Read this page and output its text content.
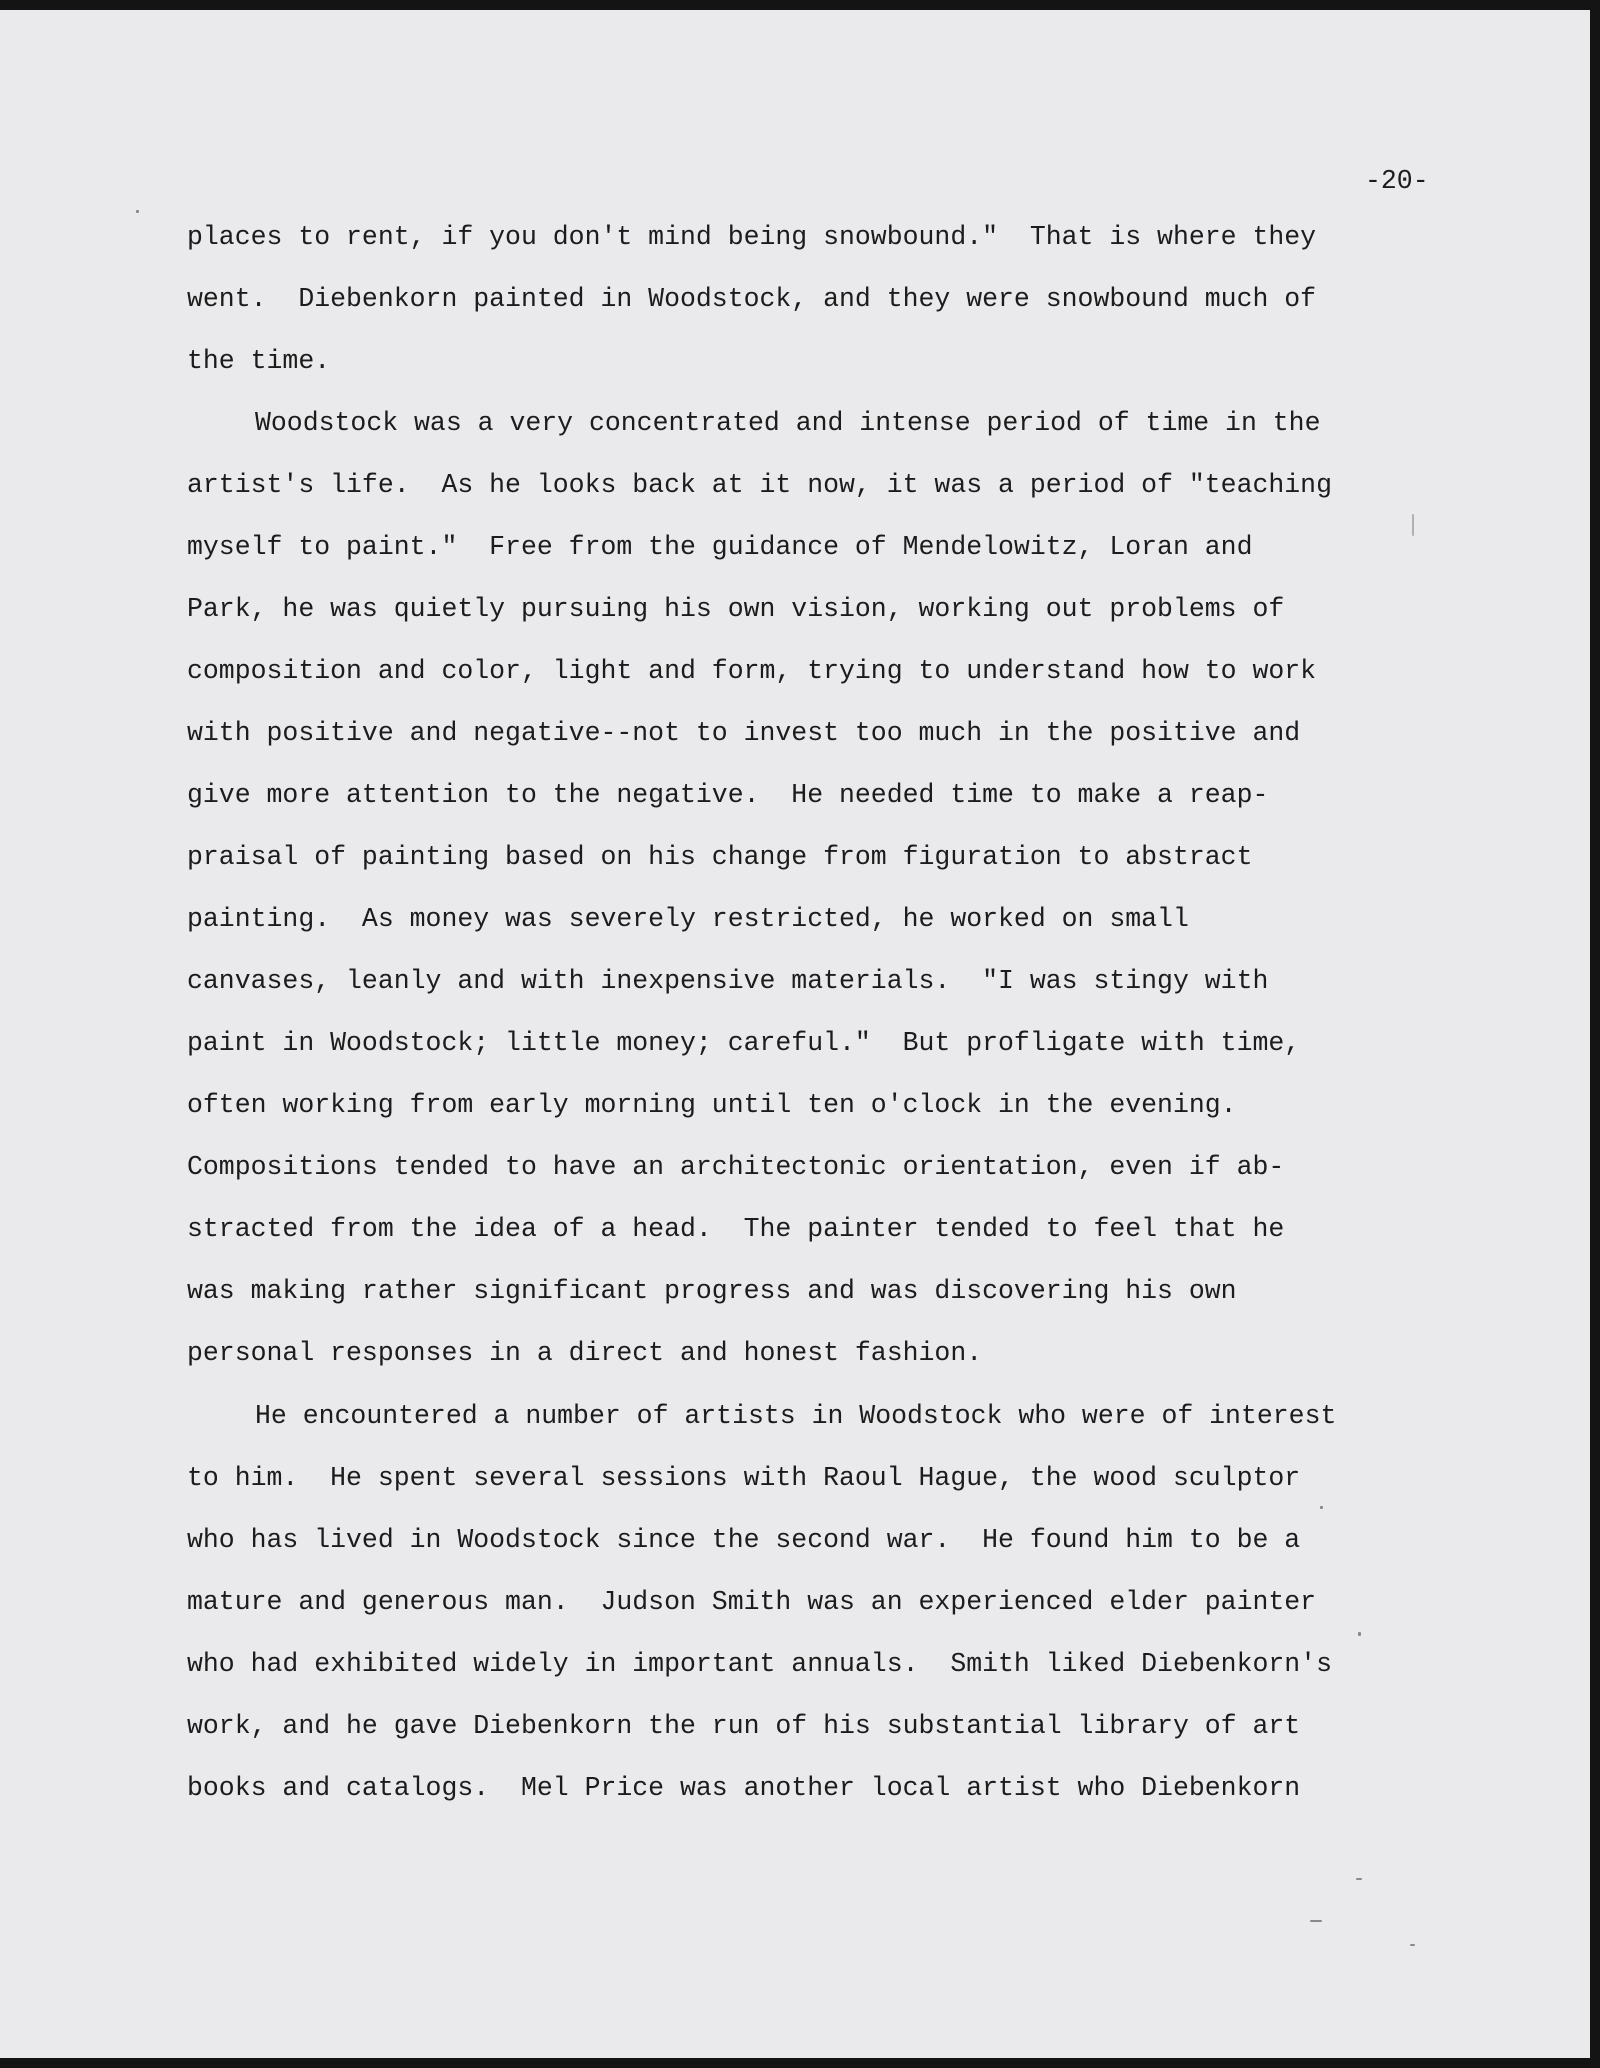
-20-

places to rent, if you don't mind being snowbound."  That is where they

went.  Diebenkorn painted in Woodstock, and they were snowbound much of

the time.

Woodstock was a very concentrated and intense period of time in the

artist's life.  As he looks back at it now, it was a period of "teaching

myself to paint."  Free from the guidance of Mendelowitz, Loran and

Park, he was quietly pursuing his own vision, working out problems of

composition and color, light and form, trying to understand how to work

with positive and negative--not to invest too much in the positive and

give more attention to the negative.  He needed time to make a reap-

praisal of painting based on his change from figuration to abstract

painting.  As money was severely restricted, he worked on small

canvases, leanly and with inexpensive materials.  "I was stingy with

paint in Woodstock; little money; careful."  But profligate with time,

often working from early morning until ten o'clock in the evening.

Compositions tended to have an architectonic orientation, even if ab-

stracted from the idea of a head.  The painter tended to feel that he

was making rather significant progress and was discovering his own

personal responses in a direct and honest fashion.

He encountered a number of artists in Woodstock who were of interest

to him.  He spent several sessions with Raoul Hague, the wood sculptor

who has lived in Woodstock since the second war.  He found him to be a

mature and generous man.  Judson Smith was an experienced elder painter

who had exhibited widely in important annuals.  Smith liked Diebenkorn's

work, and he gave Diebenkorn the run of his substantial library of art

books and catalogs.  Mel Price was another local artist who Diebenkorn
